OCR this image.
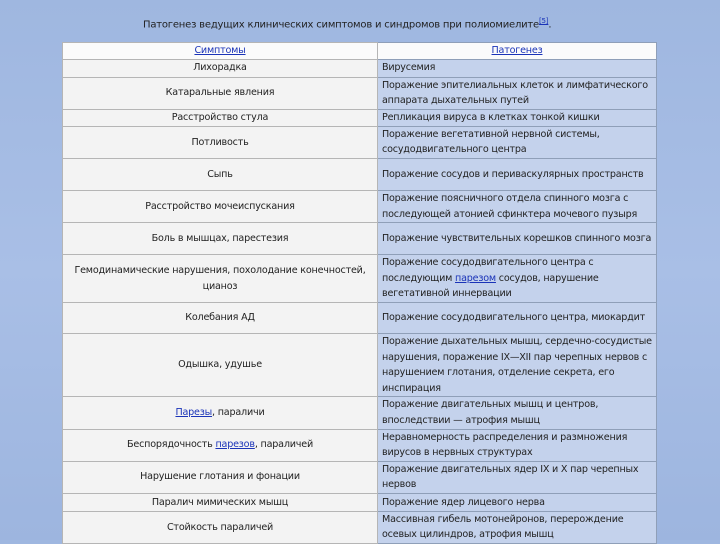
Патогенез ведущих клинических симптомов и синдромов при полиомиелите[5].
Симптомы	Патогенез
Лихорадка	Вирусемия
Катаральные явления	Поражение эпителиальных клеток и лимфатического аппарата дыхательных путей
Расстройство стула	Репликация вируса в клетках тонкой кишки
Потливость	Поражение вегетативной нервной системы, сосудодвигательного центра
Сыпь	Поражение сосудов и периваскулярных пространств
Расстройство мочеиспускания	Поражение поясничного отдела спинного мозга с последующей атонией сфинктера мочевого пузыря
Боль в мышцах, парестезия	Поражение чувствительных корешков спинного мозга
Гемодинамические нарушения, похолодание конечностей, цианоз	Поражение сосудодвигательного центра с последующим парезом сосудов, нарушение вегетативной иннервации
Колебания АД	Поражение сосудодвигательного центра, миокардит
Одышка, удушье	Поражение дыхательных мышц, сердечно-сосудистые нарушения, поражение IX—XII пар черепных нервов с нарушением глотания, отделение секрета, его инспирация
Парезы, параличи	Поражение двигательных мышц и центров, впоследствии — атрофия мышц
Беспорядочность парезов, параличей	Неравномерность распределения и размножения вирусов в нервных структурах
Нарушение глотания и фонации	Поражение двигательных ядер IX и X пар черепных нервов
Паралич мимических мышц	Поражение ядер лицевого нерва
Стойкость параличей	Массивная гибель мотонейронов, перерождение осевых цилиндров, атрофия мышц
